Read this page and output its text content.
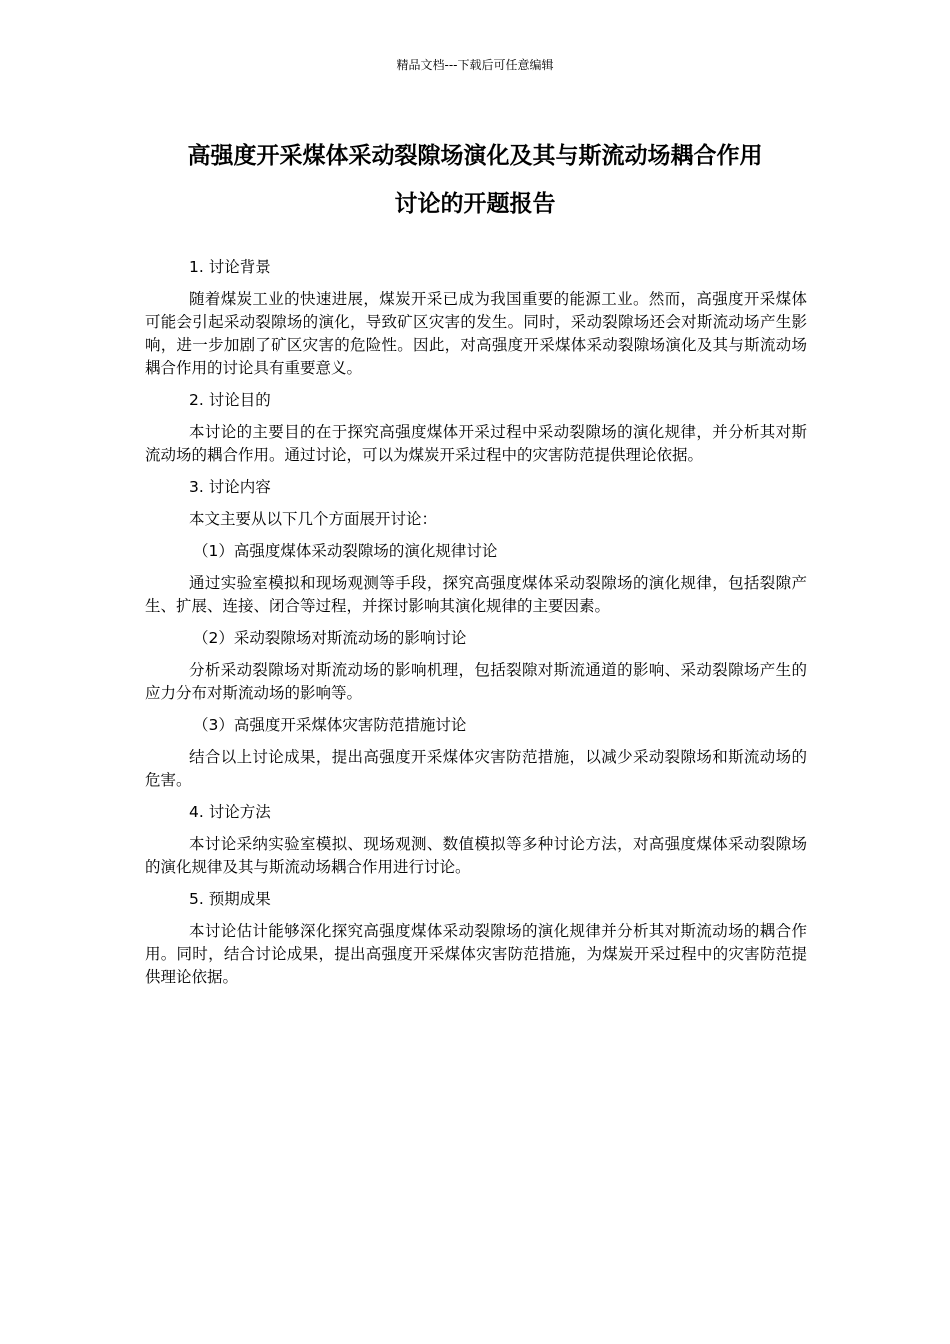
精品文档---下载后可任意编辑
高强度开采煤体采动裂隙场演化及其与斯流动场耦合作用
讨论的开题报告

1. 讨论背景

随着煤炭工业的快速进展，煤炭开采已成为我国重要的能源工业。然而，高强度开采煤体可能会引起采动裂隙场的演化，导致矿区灾害的发生。同时，采动裂隙场还会对斯流动场产生影响，进一步加剧了矿区灾害的危险性。因此，对高强度开采煤体采动裂隙场演化及其与斯流动场耦合作用的讨论具有重要意义。

2. 讨论目的

本讨论的主要目的在于探究高强度煤体开采过程中采动裂隙场的演化规律，并分析其对斯流动场的耦合作用。通过讨论，可以为煤炭开采过程中的灾害防范提供理论依据。

3. 讨论内容

本文主要从以下几个方面展开讨论：

（1）高强度煤体采动裂隙场的演化规律讨论

通过实验室模拟和现场观测等手段，探究高强度煤体采动裂隙场的演化规律，包括裂隙产生、扩展、连接、闭合等过程，并探讨影响其演化规律的主要因素。

（2）采动裂隙场对斯流动场的影响讨论

分析采动裂隙场对斯流动场的影响机理，包括裂隙对斯流通道的影响、采动裂隙场产生的应力分布对斯流动场的影响等。

（3）高强度开采煤体灾害防范措施讨论

结合以上讨论成果，提出高强度开采煤体灾害防范措施，以减少采动裂隙场和斯流动场的危害。

4. 讨论方法

本讨论采纳实验室模拟、现场观测、数值模拟等多种讨论方法，对高强度煤体采动裂隙场的演化规律及其与斯流动场耦合作用进行讨论。

5. 预期成果

本讨论估计能够深化探究高强度煤体采动裂隙场的演化规律并分析其对斯流动场的耦合作用。同时，结合讨论成果，提出高强度开采煤体灾害防范措施，为煤炭开采过程中的灾害防范提供理论依据。
